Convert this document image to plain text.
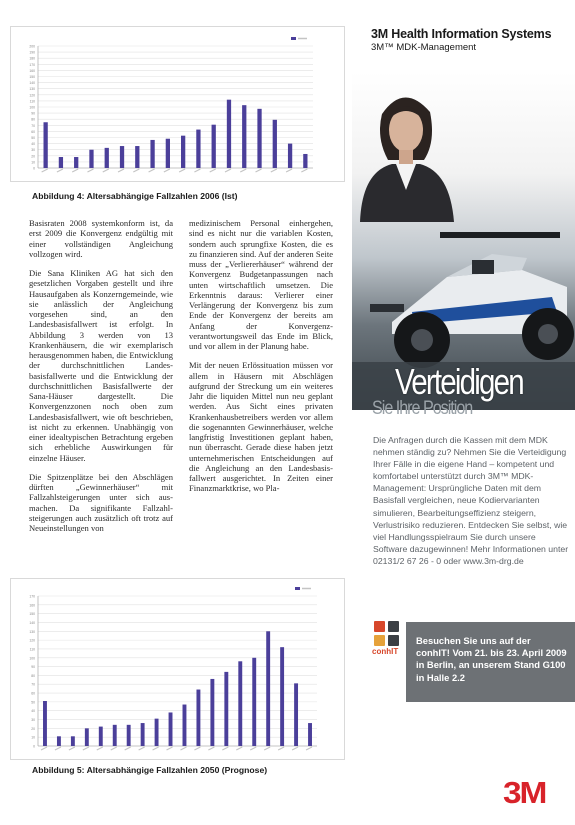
0
10
20
30
40
50
60
70
80
90
100
110
120
130
140
150
160
170
180
190
200
Abbildung 4: Altersabhängige Fallzahlen 2006 (Ist)

Basisraten 2008 systemkonform ist, da erst 2009 die Konvergenz endgültig mit einer vollständigen Angleichung vollzogen wird.

Die Sana Kliniken AG hat sich den gesetzlichen Vorgaben gestellt und ihre Hausaufgaben als Konzerngemeinde, wie sie anlässlich der Angleichung vorgesehen sind, an den Landesbasisfallwert ist erfolgt. In Abbildung 3 werden von 13 Krankenhäusern, die wir exemplarisch herausgenommen haben, die Entwicklung der durchschnittlichen Landesbasisfallwerte und die Entwicklung der durchschnittlichen Basisfallwerte der Sana-Häuser dargestellt. Die Konvergenzzonen noch oben zum Landesbasisfallwert, wie oft beschrieben, ist nicht zu erkennen. Unabhängig von einer idealtypischen Betrachtung ergeben sich erhebliche Auswirkungen für einzelne Häuser.

Die Spitzenplätze bei den Abschlägen dürften „Gewinnerhäuser“ mit Fallzahlsteigerungen unter sich ausmachen. Da signifikante Fallzahlsteigerungen auch zusätzlich oft trotz auf Neueinstellungen von

medizinischem Personal einhergehen, sind es nicht nur die variablen Kosten, sondern auch sprungfixe Kosten, die es zu finanzieren sind. Auf der anderen Seite muss der „Verliererhäuser“ während der Konvergenz Budgetanpassungen nach unten wirtschaftlich umsetzen. Die Erkenntnis daraus: Verlierer einer Verlängerung der Konvergenz bis zum Ende der Konvergenz der bereits am Anfang der Konvergenzverantwortungsweil das Ende im Blick, und vor allem in der Planung habe.

Mit der neuen Erlössituation müssen vor allem in Häusern mit Abschlägen aufgrund der Streckung um ein weiteres Jahr die liquiden Mittel nun neu geplant werden. Aus Sicht eines privaten Krankenhausbetreibers werden vor allem die sogenannten Gewinnerhäuser, welche langfristig Investitionen geplant haben, nun überrascht. Gerade diese haben jetzt unternehmerischen Entscheidungen auf die Angleichung an den Landesbasisfallwert ausgerichtet. In Zeiten einer Finanzmarktkrise, wo Pla-

0
10
20
30
40
50
60
70
80
90
100
110
120
130
140
150
160
170
Abbildung 5: Altersabhängige Fallzahlen 2050 (Prognose)
3M Health Information Systems
3M™ MDK-Management
Verteidigen
Sie Ihre Position
Die Anfragen durch die Kassen mit dem MDK nehmen ständig zu? Nehmen Sie die Verteidigung Ihrer Fälle in die eigene Hand – kompetent und komfortabel unterstützt durch 3M™ MDK-Management: Ursprüngliche Daten mit dem Basisfall vergleichen, neue Kodiervarianten simulieren, Bearbeitungseffizienz steigern, Verlustrisiko reduzieren. Entdecken Sie selbst, wie viel Handlungsspielraum Sie durch unsere Software dazugewinnen! Mehr Informationen unter 02131/2 67 26 - 0 oder www.3m-drg.de
conhIT
Besuchen Sie uns auf der conhIT! Vom 21. bis 23. April 2009 in Berlin, an unserem Stand G100 in Halle 2.2
3M
